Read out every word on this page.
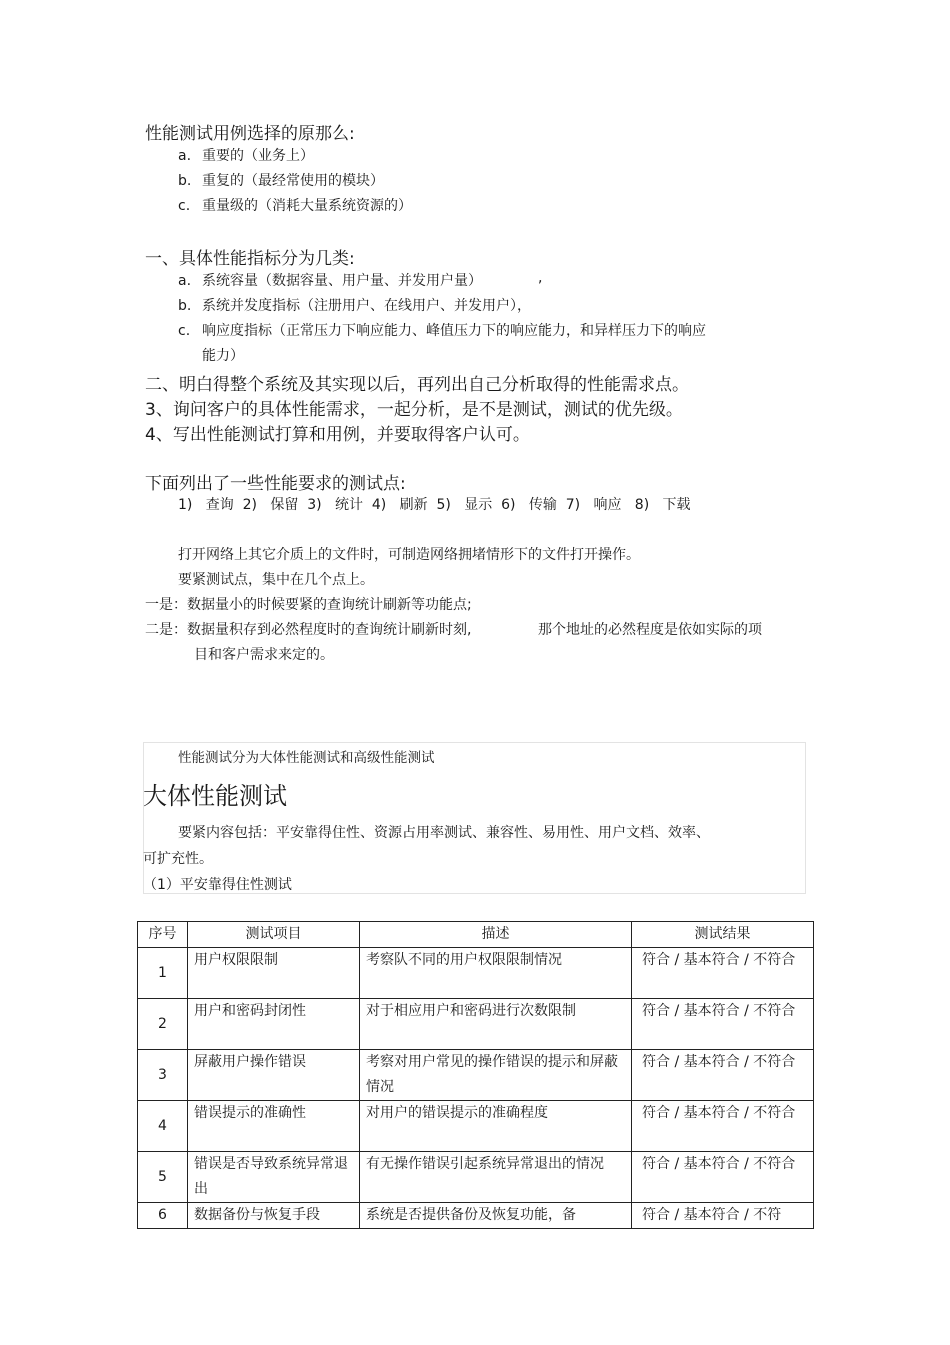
性能测试用例选择的原那么:
a. 重要的（业务上）
b. 重复的（最经常使用的模块）
c. 重量级的（消耗大量系统资源的）
一、具体性能指标分为几类:
a. 系统容量（数据容量、用户量、并发用户量）	,
b. 系统并发度指标（注册用户、在线用户、并发用户），
c. 响应度指标（正常压力下响应能力、峰值压力下的响应能力，和异样压力下的响应
能力）
二、明白得整个系统及其实现以后，再列出自己分析取得的性能需求点。
3、询问客户的具体性能需求，一起分析，是不是测试，测试的优先级。
4、写出性能测试打算和用例，并要取得客户认可。
下面列出了一些性能要求的测试点:
1)   查询  2)   保留  3)   统计  4)   刷新  5)   显示  6)   传输  7)   响应   8)   下载
打开网络上其它介质上的文件时，可制造网络拥堵情形下的文件打开操作。
要紧测试点，集中在几个点上。
一是：数据量小的时候要紧的查询统计刷新等功能点;
二是：数据量积存到必然程度时的查询统计刷新时刻,	那个地址的必然程度是依如实际的项
目和客户需求来定的。
性能测试分为大体性能测试和高级性能测试
大体性能测试
要紧内容包括：平安靠得住性、资源占用率测试、兼容性、易用性、用户文档、效率、
可扩充性。
（1）平安靠得住性测试
序号	测试项目	描述	测试结果
1	用户权限限制	考察队不同的用户权限限制情况	符合 / 基本符合 / 不符合
2	用户和密码封闭性	对于相应用户和密码进行次数限制	符合 / 基本符合 / 不符合
3	屏蔽用户操作错误	考察对用户常见的操作错误的提示和屏蔽情况	符合 / 基本符合 / 不符合
4	错误提示的准确性	对用户的错误提示的准确程度	符合 / 基本符合 / 不符合
5	错误是否导致系统异常退出	有无操作错误引起系统异常退出的情况	符合 / 基本符合 / 不符合
6	数据备份与恢复手段	系统是否提供备份及恢复功能，备	符合 / 基本符合 / 不符
